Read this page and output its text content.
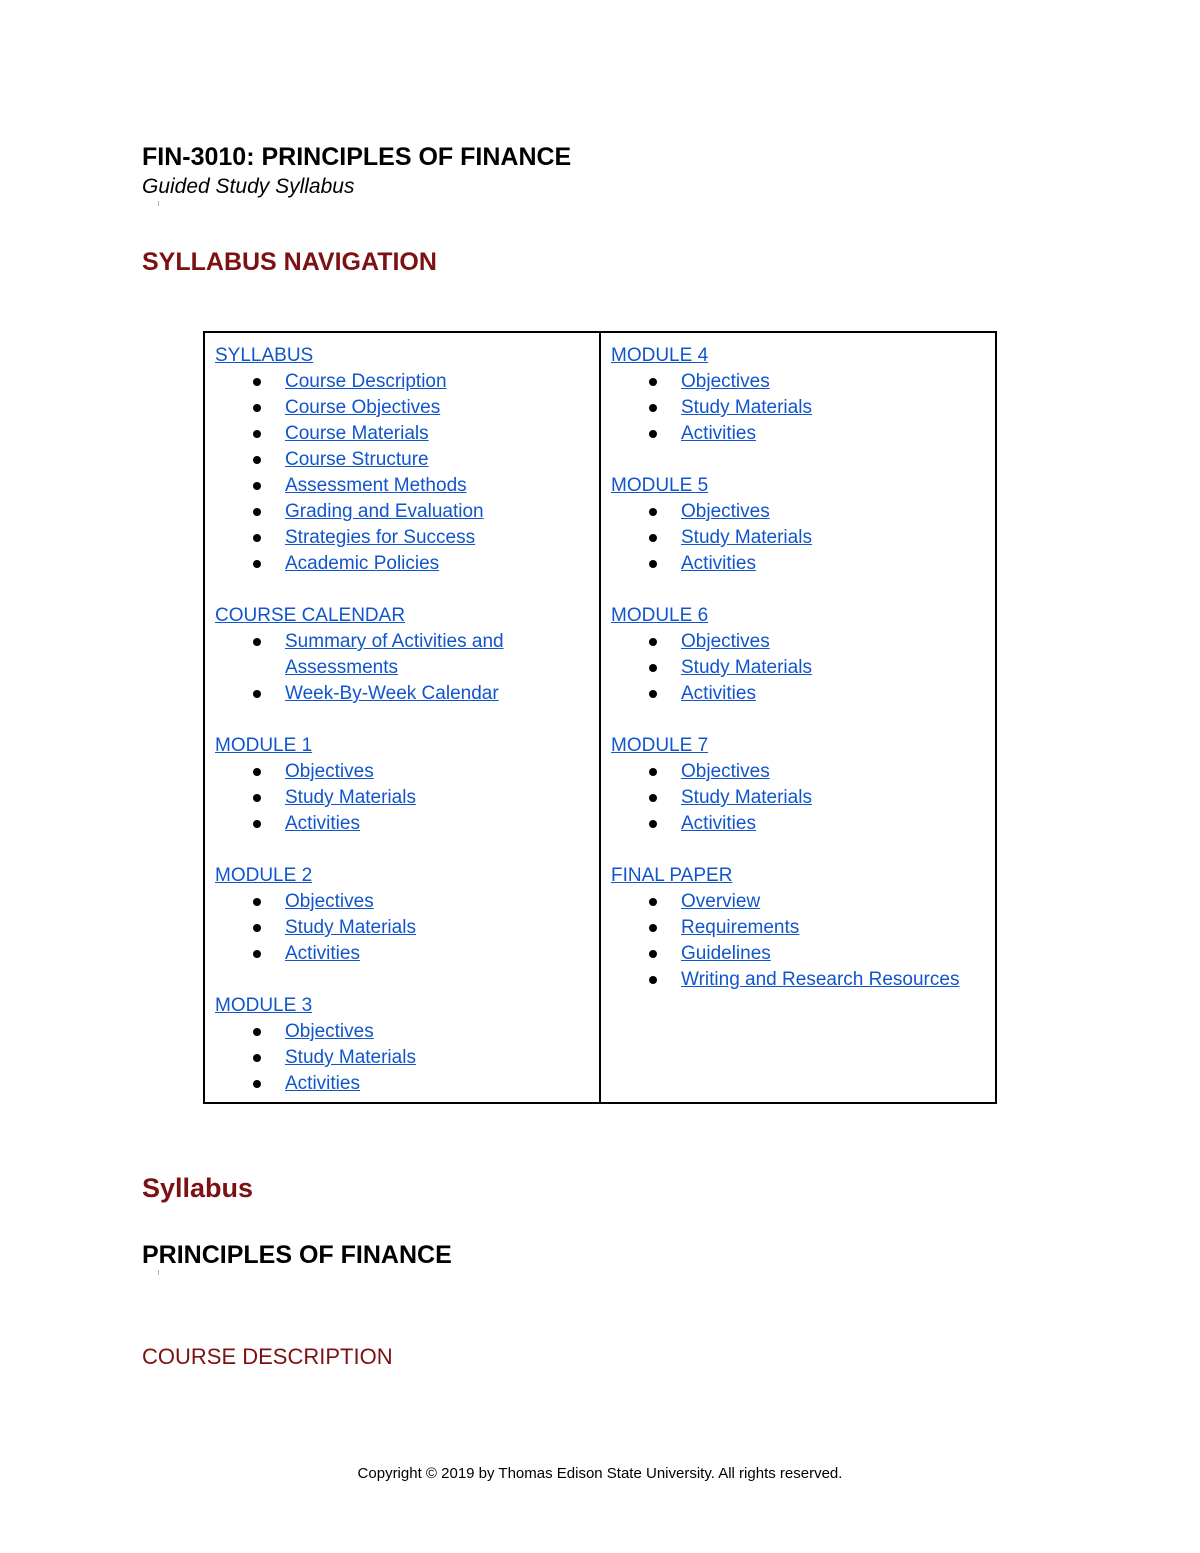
FIN-3010: PRINCIPLES OF FINANCE
Guided Study Syllabus
SYLLABUS NAVIGATION
SYLLABUS
Course Description
Course Objectives
Course Materials
Course Structure
Assessment Methods
Grading and Evaluation
Strategies for Success
Academic Policies
COURSE CALENDAR
Summary of Activities and Assessments
Week-By-Week Calendar
MODULE 1
Objectives
Study Materials
Activities
MODULE 2
Objectives
Study Materials
Activities
MODULE 3
Objectives
Study Materials
Activities
MODULE 4
Objectives
Study Materials
Activities
MODULE 5
Objectives
Study Materials
Activities
MODULE 6
Objectives
Study Materials
Activities
MODULE 7
Objectives
Study Materials
Activities
FINAL PAPER
Overview
Requirements
Guidelines
Writing and Research Resources
Syllabus
PRINCIPLES OF FINANCE
COURSE DESCRIPTION
Copyright © 2019 by Thomas Edison State University. All rights reserved.
